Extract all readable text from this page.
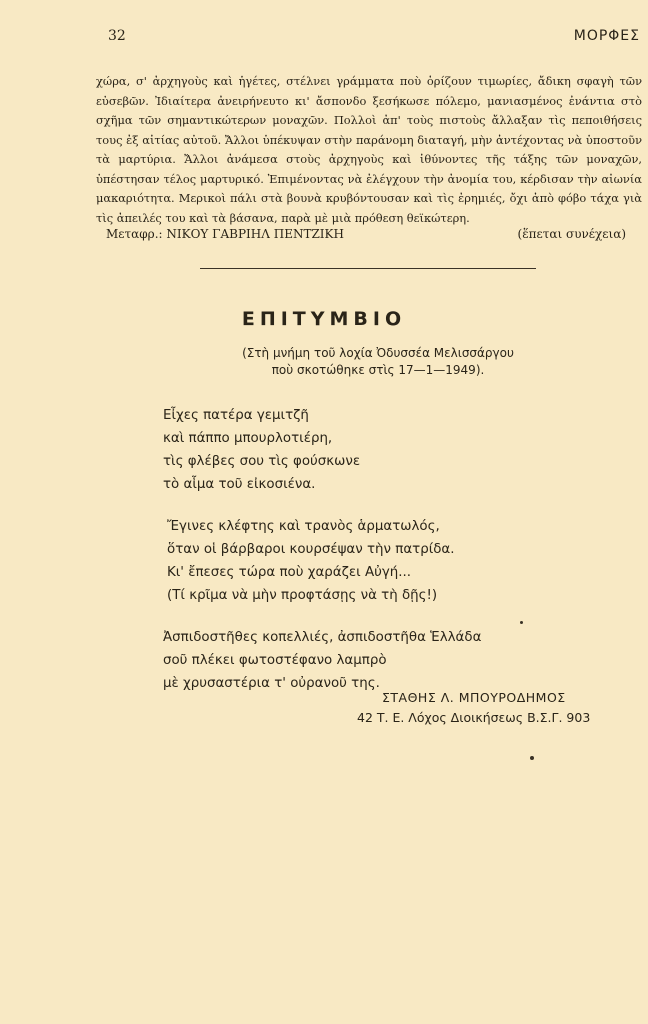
32	ΜΟΡΦΕΣ

χώρα, σ' ἀρχηγοὺς καὶ ἡγέτες, στέλνει γράμματα ποὺ ὁρίζουν τιμωρίες, ἄδικη σφαγὴ τῶν εὐσεβῶν. Ἰδιαίτερα ἀνειρήνευτο κι' ἄσπονδο ξεσήκωσε πόλεμο, μανιασμένος ἐνάντια στὸ σχῆμα τῶν σημαντικώτερων μοναχῶν. Πολλοὶ ἀπ' τοὺς πιστοὺς ἄλλαξαν τὶς πεποιθήσεις τους ἐξ αἰτίας αὐτοῦ. Ἄλλοι ὑπέκυψαν στὴν παράνομη διαταγή, μὴν ἀντέχοντας νὰ ὑποστοῦν τὰ μαρτύρια. Ἄλλοι ἀνάμεσα στοὺς ἀρχηγοὺς καὶ ἰθύνοντες τῆς τάξης τῶν μοναχῶν, ὑπέστησαν τέλος μαρτυρικό. Ἐπιμένοντας νὰ ἐλέγχουν τὴν ἀνομία του, κέρδισαν τὴν αἰωνία μακαριότητα. Μερικοὶ πάλι στὰ βουνὰ κρυβόντουσαν καὶ τὶς ἐρημιές, ὄχι ἀπὸ φόβο τάχα γιὰ τὶς ἀπειλές του καὶ τὰ βάσανα, παρὰ μὲ μιὰ πρόθεση θεϊκώτερη.

Μεταφρ.: ΝΙΚΟΥ ΓΑΒΡΙΗΛ ΠΕΝΤΖΙΚΗ	(ἕπεται συνέχεια)
ΕΠΙΤΥΜΒΙΟ
(Στὴ μνήμη τοῦ λοχία Ὀδυσσέα Μελισσάργου
ποὺ σκοτώθηκε στὶς 17—1—1949).
Εἶχες πατέρα γεμιτζῆ
καὶ πάππο μπουρλοτιέρη,
τὶς φλέβες σου τὶς φούσκωνε
τὸ αἷμα τοῦ εἰκοσιένα.
Ἔγινες κλέφτης καὶ τρανὸς ἁρματωλός,
ὅταν οἱ βάρβαροι κουρσέψαν τὴν πατρίδα.
Κι' ἔπεσες τώρα ποὺ χαράζει Αὐγή...
(Τί κρῖμα νὰ μὴν προφτάσῃς νὰ τὴ δῇς!)
Ἀσπιδοστῆθες κοπελλιές, ἀσπιδοστῆθα Ἑλλάδα
σοῦ πλέκει φωτοστέφανο λαμπρὸ
μὲ χρυσαστέρια τ' οὐρανοῦ της.
ΣΤΑΘΗΣ Λ. ΜΠΟΥΡΟΔΗΜΟΣ
42 Τ. Ε. Λόχος Διοικήσεως Β.Σ.Γ. 903
